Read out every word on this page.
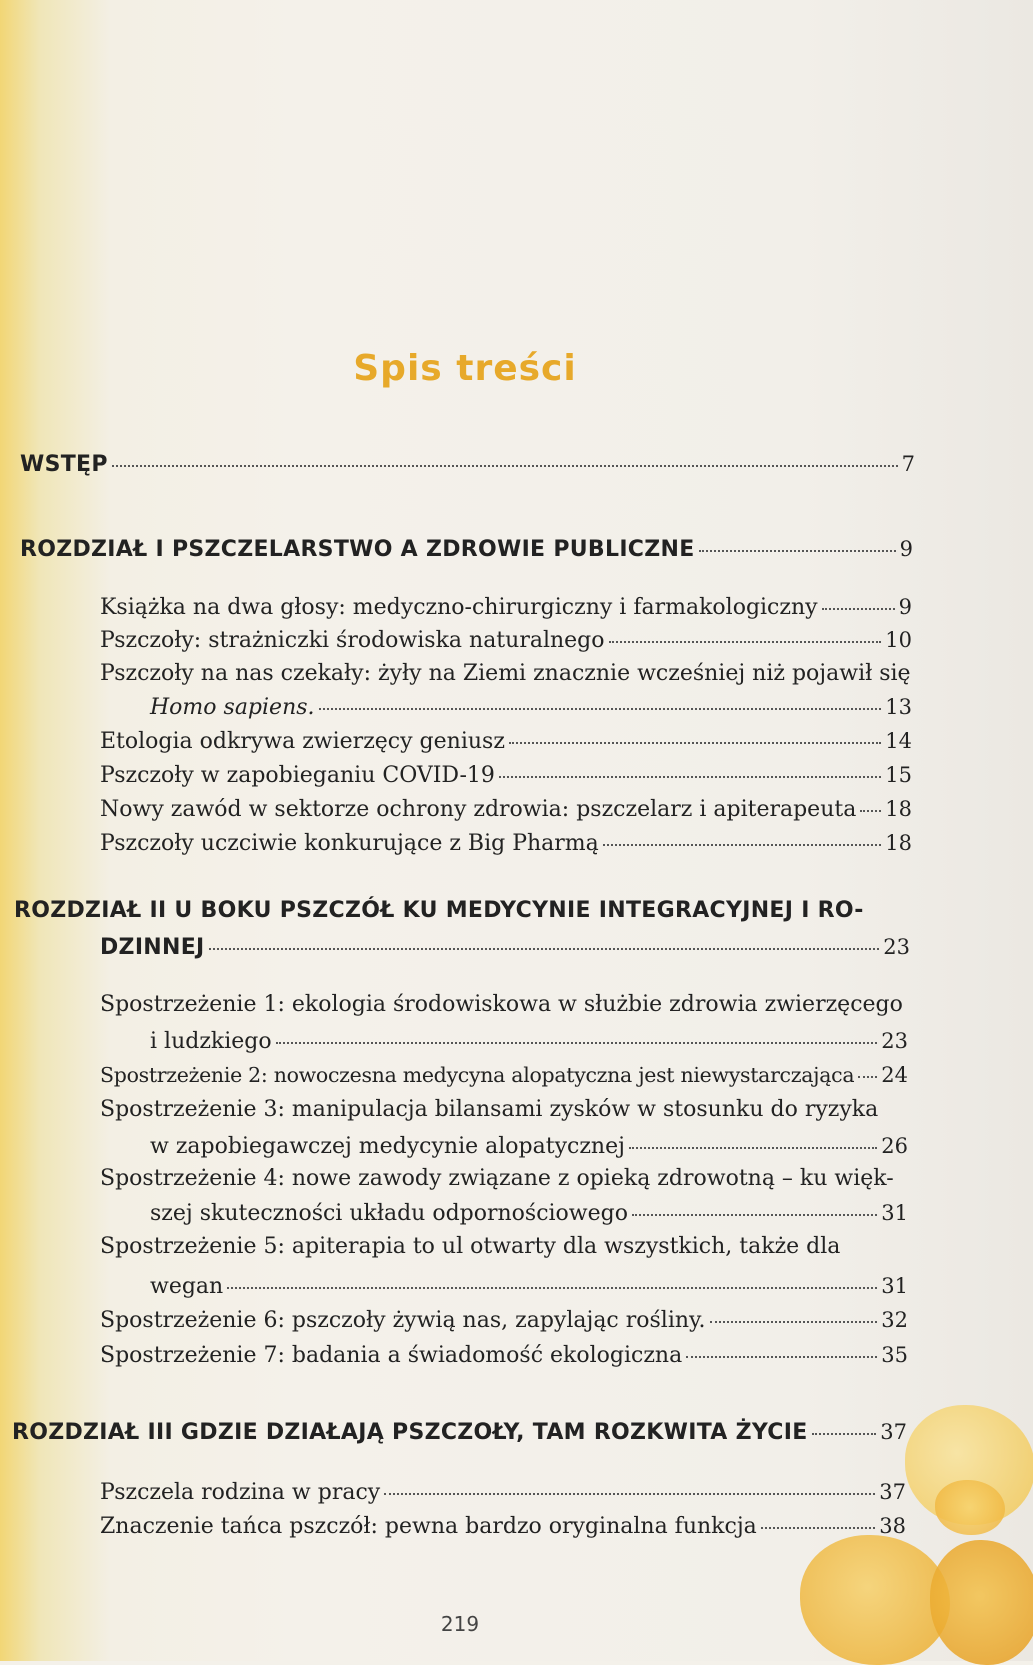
Spis treści
WSTĘP	7
ROZDZIAŁ I PSZCZELARSTWO A ZDROWIE PUBLICZNE	9
Książka na dwa głosy: medyczno-chirurgiczny i farmakologiczny	9
Pszczoły: strażniczki środowiska naturalnego	10
Pszczoły na nas czekały: żyły na Ziemi znacznie wcześniej niż pojawił się
Homo sapiens.	13
Etologia odkrywa zwierzęcy geniusz	14
Pszczoły w zapobieganiu COVID-19	15
Nowy zawód w sektorze ochrony zdrowia: pszczelarz i apiterapeuta 18
Pszczoły uczciwie konkurujące z Big Pharmą	18
ROZDZIAŁ II U BOKU PSZCZÓŁ KU MEDYCYNIE INTEGRACYJNEJ I RO-
DZINNEJ	23
Spostrzeżenie 1: ekologia środowiskowa w służbie zdrowia zwierzęcego
i ludzkiego	23
Spostrzeżenie 2: nowoczesna medycyna alopatyczna jest niewystarczająca 24
Spostrzeżenie 3: manipulacja bilansami zysków w stosunku do ryzyka
w zapobiegawczej medycynie alopatycznej	26
Spostrzeżenie 4: nowe zawody związane z opieką zdrowotną – ku więk-
szej skuteczności układu odpornościowego	31
Spostrzeżenie 5: apiterapia to ul otwarty dla wszystkich, także dla
wegan	31
Spostrzeżenie 6: pszczoły żywią nas, zapylając rośliny.	32
Spostrzeżenie 7: badania a świadomość ekologiczna	35
ROZDZIAŁ III GDZIE DZIAŁAJĄ PSZCZOŁY, TAM ROZKWITA ŻYCIE	37
Pszczela rodzina w pracy	37
Znaczenie tańca pszczół: pewna bardzo oryginalna funkcja	38
219
